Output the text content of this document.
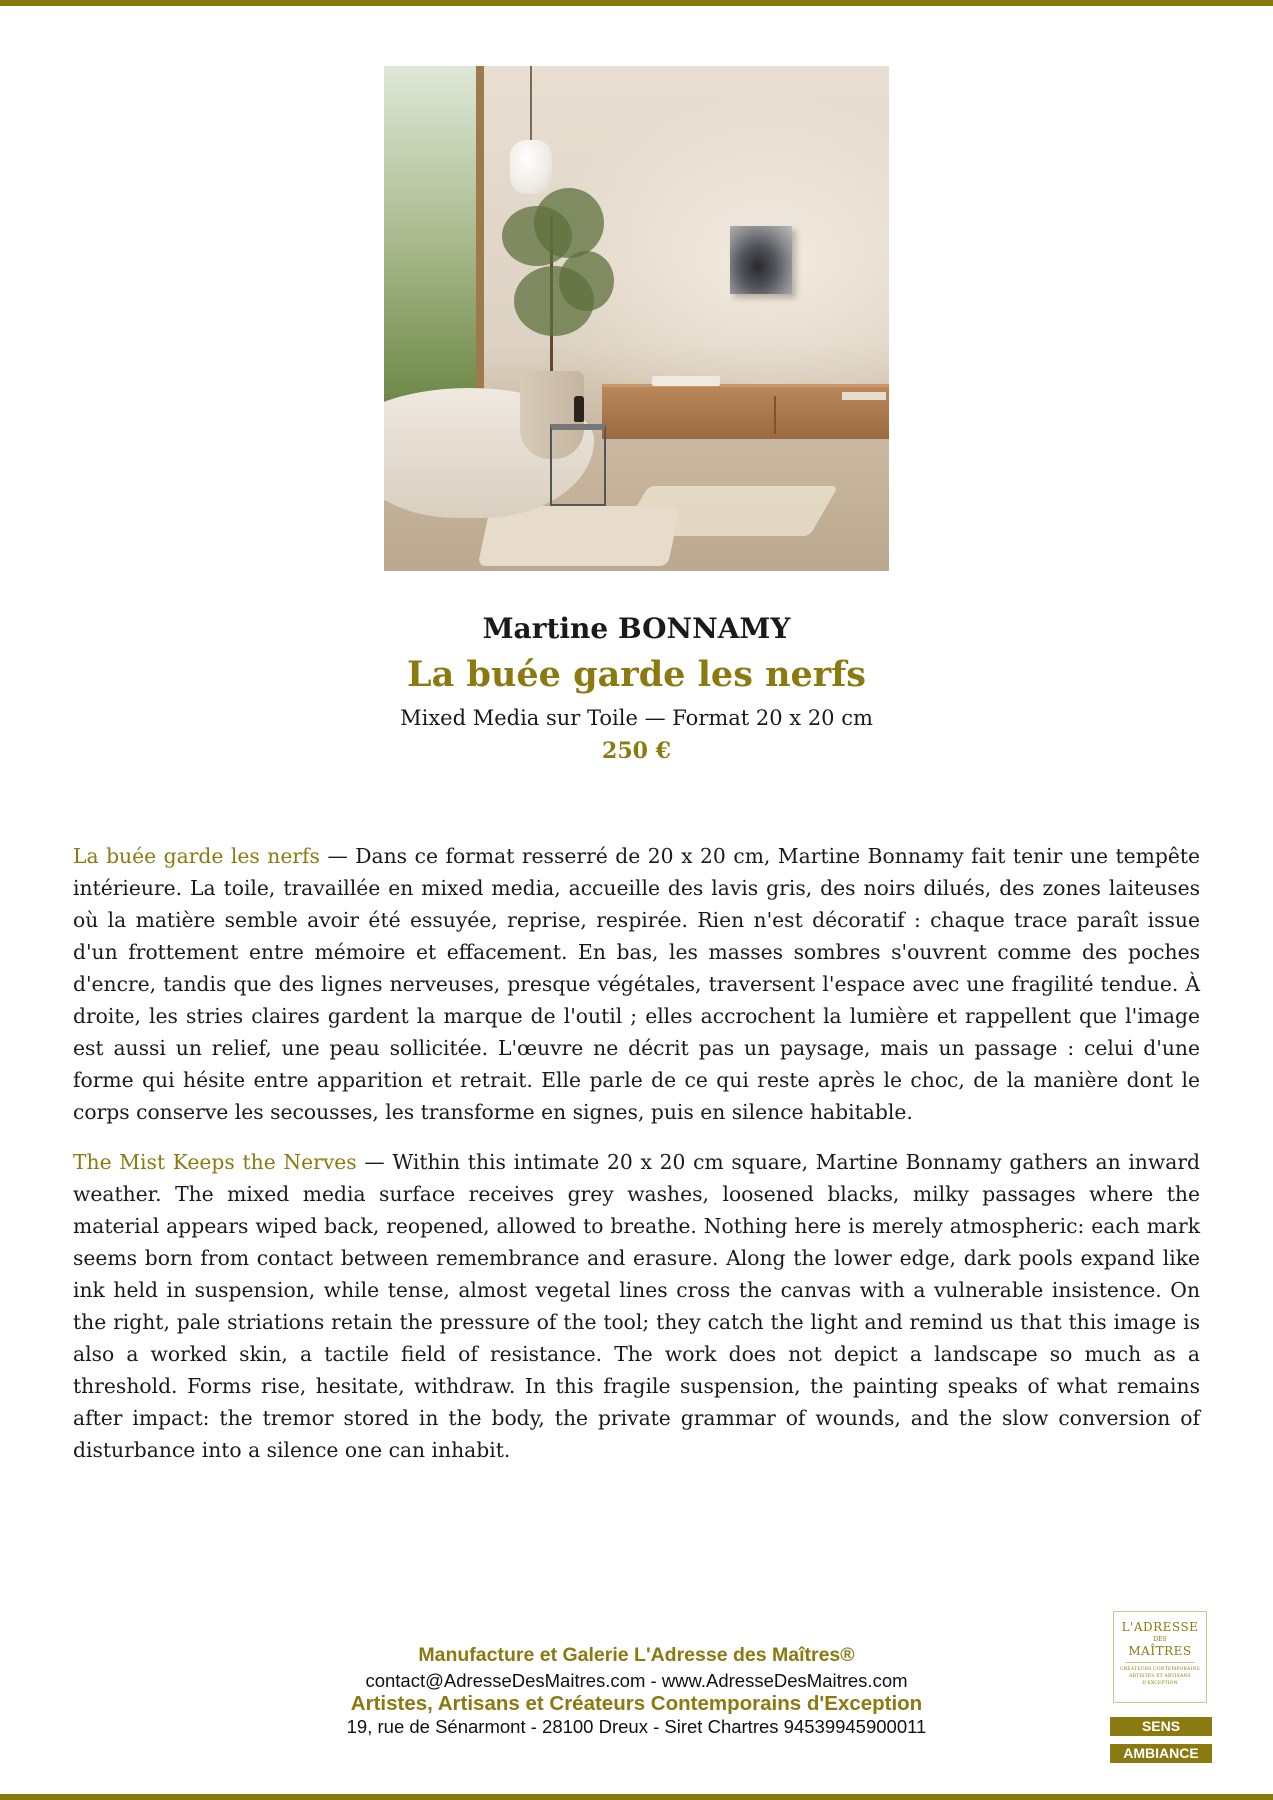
Martine BONNAMY
La buée garde les nerfs
Mixed Media sur Toile — Format 20 x 20 cm
250 €

La buée garde les nerfs — Dans ce format resserré de 20 x 20 cm, Martine Bonnamy fait tenir une tempête intérieure. La toile, travaillée en mixed media, accueille des lavis gris, des noirs dilués, des zones laiteuses où la matière semble avoir été essuyée, reprise, respirée. Rien n'est décoratif : chaque trace paraît issue d'un frottement entre mémoire et effacement. En bas, les masses sombres s'ouvrent comme des poches d'encre, tandis que des lignes nerveuses, presque végétales, traversent l'espace avec une fragilité tendue. À droite, les stries claires gardent la marque de l'outil ; elles accrochent la lumière et rappellent que l'image est aussi un relief, une peau sollicitée. L'œuvre ne décrit pas un paysage, mais un passage : celui d'une forme qui hésite entre apparition et retrait. Elle parle de ce qui reste après le choc, de la manière dont le corps conserve les secousses, les transforme en signes, puis en silence habitable.

The Mist Keeps the Nerves — Within this intimate 20 x 20 cm square, Martine Bonnamy gathers an inward weather. The mixed media surface receives grey washes, loosened blacks, milky passages where the material appears wiped back, reopened, allowed to breathe. Nothing here is merely atmospheric: each mark seems born from contact between remembrance and erasure. Along the lower edge, dark pools expand like ink held in suspension, while tense, almost vegetal lines cross the canvas with a vulnerable insistence. On the right, pale striations retain the pressure of the tool; they catch the light and remind us that this image is also a worked skin, a tactile field of resistance. The work does not depict a landscape so much as a threshold. Forms rise, hesitate, withdraw. In this fragile suspension, the painting speaks of what remains after impact: the tremor stored in the body, the private grammar of wounds, and the slow conversion of disturbance into a silence one can inhabit.

Manufacture et Galerie L'Adresse des Maîtres®
contact@AdresseDesMaitres.com - www.AdresseDesMaitres.com
Artistes, Artisans et Créateurs Contemporains d'Exception
19, rue de Sénarmont - 28100 Dreux - Siret Chartres 94539945900011
L'ADRESSE
DES
MAÎTRES
CRÉATEURS CONTEMPORAINS
ARTISTES ET ARTISANS
D'EXCEPTION
SENS
AMBIANCE
